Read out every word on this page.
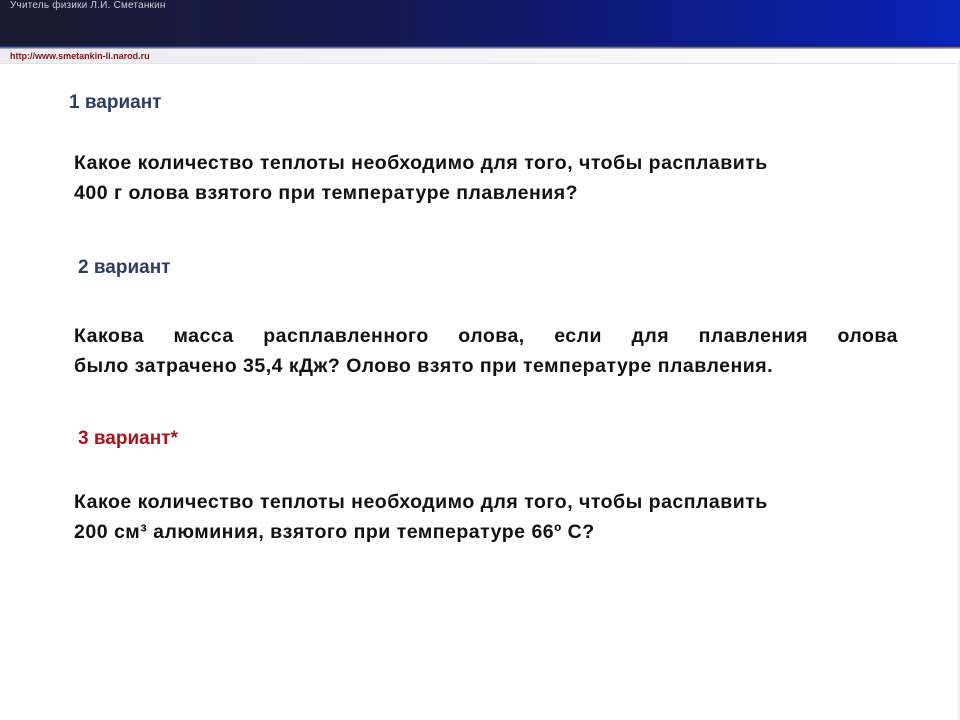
Учитель физики Л.И. Сметанкин
http://www.smetankin-li.narod.ru
1 вариант
Какое количество теплоты необходимо для того, чтобы расплавить
400 г олова взятого при температуре плавления?
2 вариант
Какова масса расплавленного олова, если для плавления олова
было затрачено 35,4 кДж? Олово взято при температуре плавления.
3 вариант*
Какое количество теплоты необходимо для того, чтобы расплавить
200 см³ алюминия, взятого при температуре 66º С?
